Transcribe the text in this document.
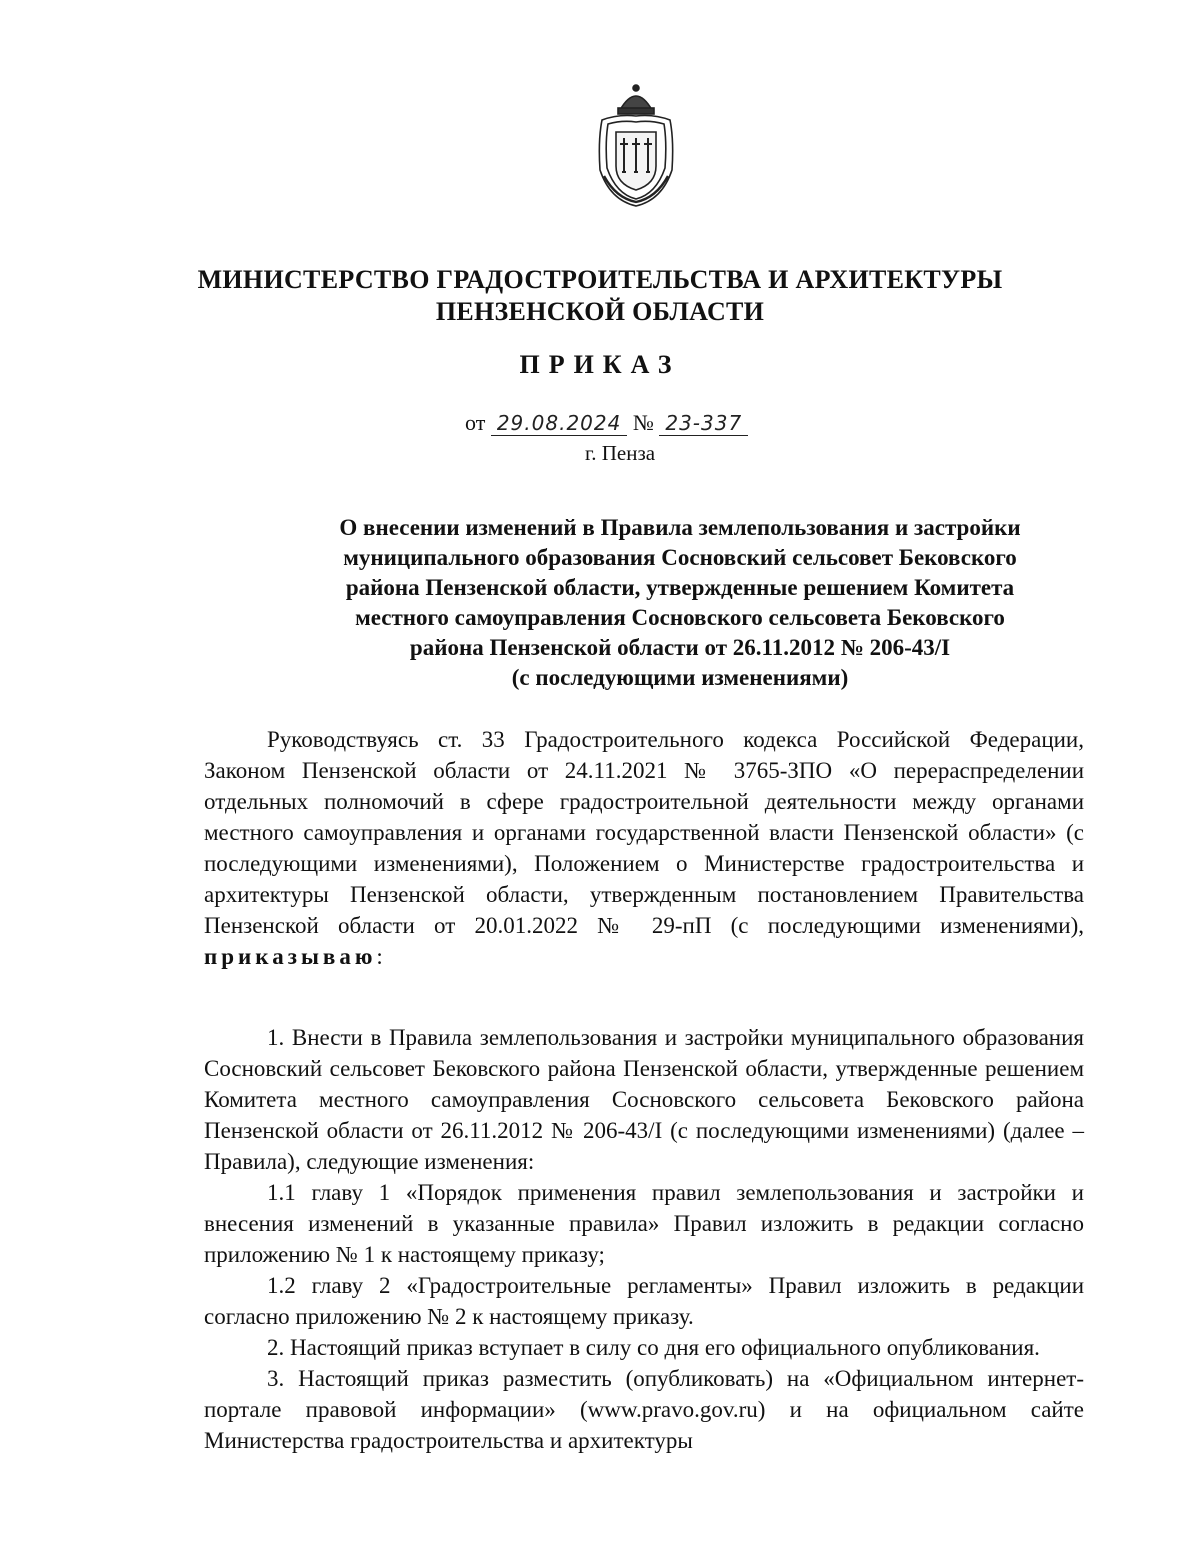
МИНИСТЕРСТВО ГРАДОСТРОИТЕЛЬСТВА И АРХИТЕКТУРЫ
ПЕНЗЕНСКОЙ ОБЛАСТИ
ПРИКАЗ
от 29.08.2024 № 23-337
г. Пенза
О внесении изменений в Правила землепользования и застройки
муниципального образования Сосновский сельсовет Бековского
района Пензенской области, утвержденные решением Комитета
местного самоуправления Сосновского сельсовета Бековского
района Пензенской области от 26.11.2012 № 206-43/I
(с последующими изменениями)

Руководствуясь ст. 33 Градостроительного кодекса Российской Федерации, Законом Пензенской области от 24.11.2021 № 3765-ЗПО «О перераспределении отдельных полномочий в сфере градостроительной деятельности между органами местного самоуправления и органами государственной власти Пензенской области» (с последующими изменениями), Положением о Министерстве градостроительства и архитектуры Пензенской области, утвержденным постановлением Правительства Пензенской области от 20.01.2022 № 29-пП (с последующими изменениями), приказываю:

1. Внести в Правила землепользования и застройки муниципального образования Сосновский сельсовет Бековского района Пензенской области, утвержденные решением Комитета местного самоуправления Сосновского сельсовета Бековского района Пензенской области от 26.11.2012 № 206-43/I (с последующими изменениями) (далее – Правила), следующие изменения:

1.1 главу 1 «Порядок применения правил землепользования и застройки и внесения изменений в указанные правила» Правил изложить в редакции согласно приложению № 1 к настоящему приказу;

1.2 главу 2 «Градостроительные регламенты» Правил изложить в редакции согласно приложению № 2 к настоящему приказу.

2. Настоящий приказ вступает в силу со дня его официального опубликования.

3. Настоящий приказ разместить (опубликовать) на «Официальном интернет-портале правовой информации» (www.pravo.gov.ru) и на официальном сайте Министерства градостроительства и архитектуры
